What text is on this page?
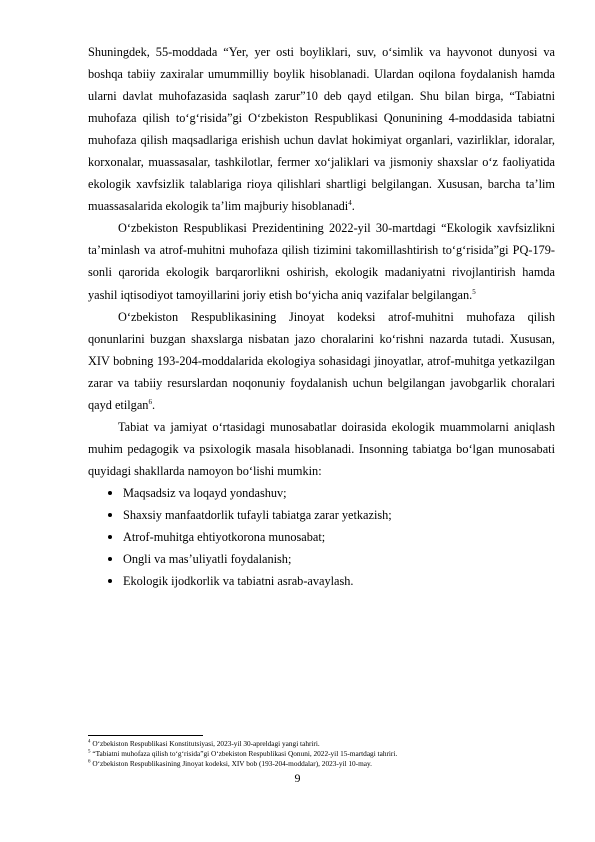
Shuningdek, 55-moddada “Yer, yer osti boyliklari, suv, o‘simlik va hayvonot dunyosi va boshqa tabiiy zaxiralar umummilliy boylik hisoblanadi. Ulardan oqilona foydalanish hamda ularni davlat muhofazasida saqlash zarur”10 deb qayd etilgan. Shu bilan birga, “Tabiatni muhofaza qilish to‘g‘risida”gi O‘zbekiston Respublikasi Qonunining 4-moddasida tabiatni muhofaza qilish maqsadlariga erishish uchun davlat hokimiyat organlari, vazirliklar, idoralar, korxonalar, muassasalar, tashkilotlar, fermer xo‘jaliklari va jismoniy shaxslar o‘z faoliyatida ekologik xavfsizlik talablariga rioya qilishlari shartligi belgilangan. Xususan, barcha ta’lim muassasalarida ekologik ta’lim majburiy hisoblanadi$^4$.

O‘zbekiston Respublikasi Prezidentining 2022-yil 30-martdagi “Ekologik xavfsizlikni ta’minlash va atrof-muhitni muhofaza qilish tizimini takomillashtirish to‘g‘risida”gi PQ-179-sonli qarorida ekologik barqarorlikni oshirish, ekologik madaniyatni rivojlantirish hamda yashil iqtisodiyot tamoyillarini joriy etish bo‘yicha aniq vazifalar belgilangan.$^5$

O‘zbekiston Respublikasining Jinoyat kodeksi atrof-muhitni muhofaza qilish qonunlarini buzgan shaxslarga nisbatan jazo choralarini ko‘rishni nazarda tutadi. Xususan, XIV bobning 193-204-moddalarida ekologiya sohasidagi jinoyatlar, atrof-muhitga yetkazilgan zarar va tabiiy resurslardan noqonuniy foydalanish uchun belgilangan javobgarlik choralari qayd etilgan$^6$.

Tabiat va jamiyat o‘rtasidagi munosabatlar doirasida ekologik muammolarni aniqlash muhim pedagogik va psixologik masala hisoblanadi. Insonning tabiatga bo‘lgan munosabati quyidagi shakllarda namoyon bo‘lishi mumkin:

Maqsadsiz va loqayd yondashuv;
Shaxsiy manfaatdorlik tufayli tabiatga zarar yetkazish;
Atrof-muhitga ehtiyotkorona munosabat;
Ongli va mas’uliyatli foydalanish;
Ekologik ijodkorlik va tabiatni asrab-avaylash.
$^4$ O‘zbekiston Respublikasi Konstitutsiyasi, 2023-yil 30-apreldagi yangi tahriri.
$^5$ “Tabiatni muhofaza qilish to‘g‘risida”gi O‘zbekiston Respublikasi Qonuni, 2022-yil 15-martdagi tahriri.
$^6$ O‘zbekiston Respublikasining Jinoyat kodeksi, XIV bob (193-204-moddalar), 2023-yil 10-may.
9
